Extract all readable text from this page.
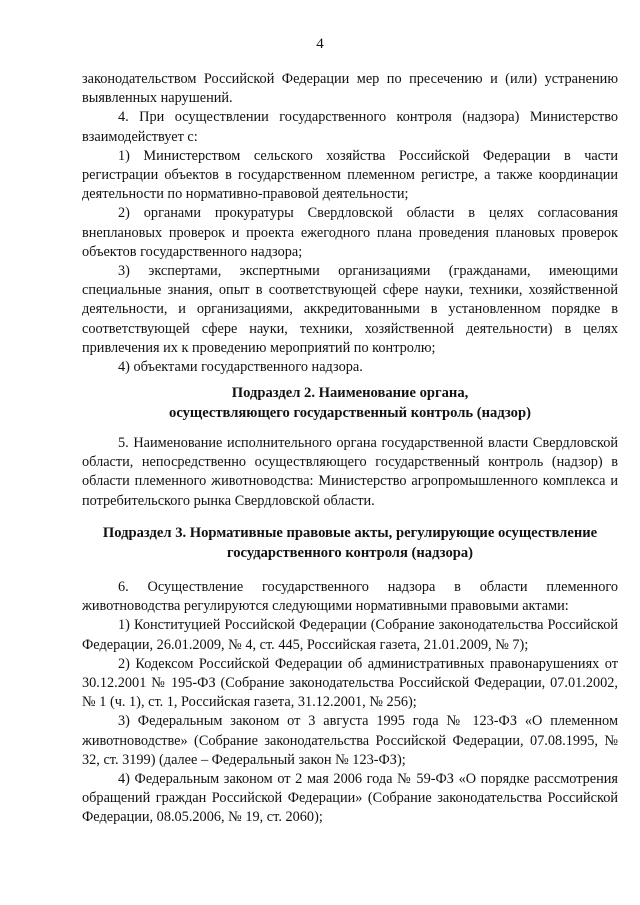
4

законодательством Российской Федерации мер по пресечению и (или) устранению выявленных нарушений.

4. При осуществлении государственного контроля (надзора) Министерство взаимодействует с:

1) Министерством сельского хозяйства Российской Федерации в части регистрации объектов в государственном племенном регистре, а также координации деятельности по нормативно-правовой деятельности;

2) органами прокуратуры Свердловской области в целях согласования внеплановых проверок и проекта ежегодного плана проведения плановых проверок объектов государственного надзора;

3) экспертами, экспертными организациями (гражданами, имеющими специальные знания, опыт в соответствующей сфере науки, техники, хозяйственной деятельности, и организациями, аккредитованными в установленном порядке в соответствующей сфере науки, техники, хозяйственной деятельности) в целях привлечения их к проведению мероприятий по контролю;

4) объектами государственного надзора.

Подраздел 2. Наименование органа,
осуществляющего государственный контроль (надзор)

5. Наименование исполнительного органа государственной власти Свердловской области, непосредственно осуществляющего государственный контроль (надзор) в области племенного животноводства: Министерство агропромышленного комплекса и потребительского рынка Свердловской области.

Подраздел 3. Нормативные правовые акты, регулирующие осуществление
государственного контроля (надзора)

6. Осуществление государственного надзора в области племенного животноводства регулируются следующими нормативными правовыми актами:

1) Конституцией Российской Федерации (Собрание законодательства Российской Федерации, 26.01.2009, № 4, ст. 445, Российская газета, 21.01.2009, № 7);

2) Кодексом Российской Федерации об административных правонарушениях от 30.12.2001 № 195-ФЗ (Собрание законодательства Российской Федерации, 07.01.2002, № 1 (ч. 1), ст. 1, Российская газета, 31.12.2001, № 256);

3) Федеральным законом от 3 августа 1995 года № 123-ФЗ «О племенном животноводстве» (Собрание законодательства Российской Федерации, 07.08.1995, № 32, ст. 3199) (далее – Федеральный закон № 123-ФЗ);

4) Федеральным законом от 2 мая 2006 года № 59-ФЗ «О порядке рассмотрения обращений граждан Российской Федерации» (Собрание законодательства Российской Федерации, 08.05.2006, № 19, ст. 2060);
